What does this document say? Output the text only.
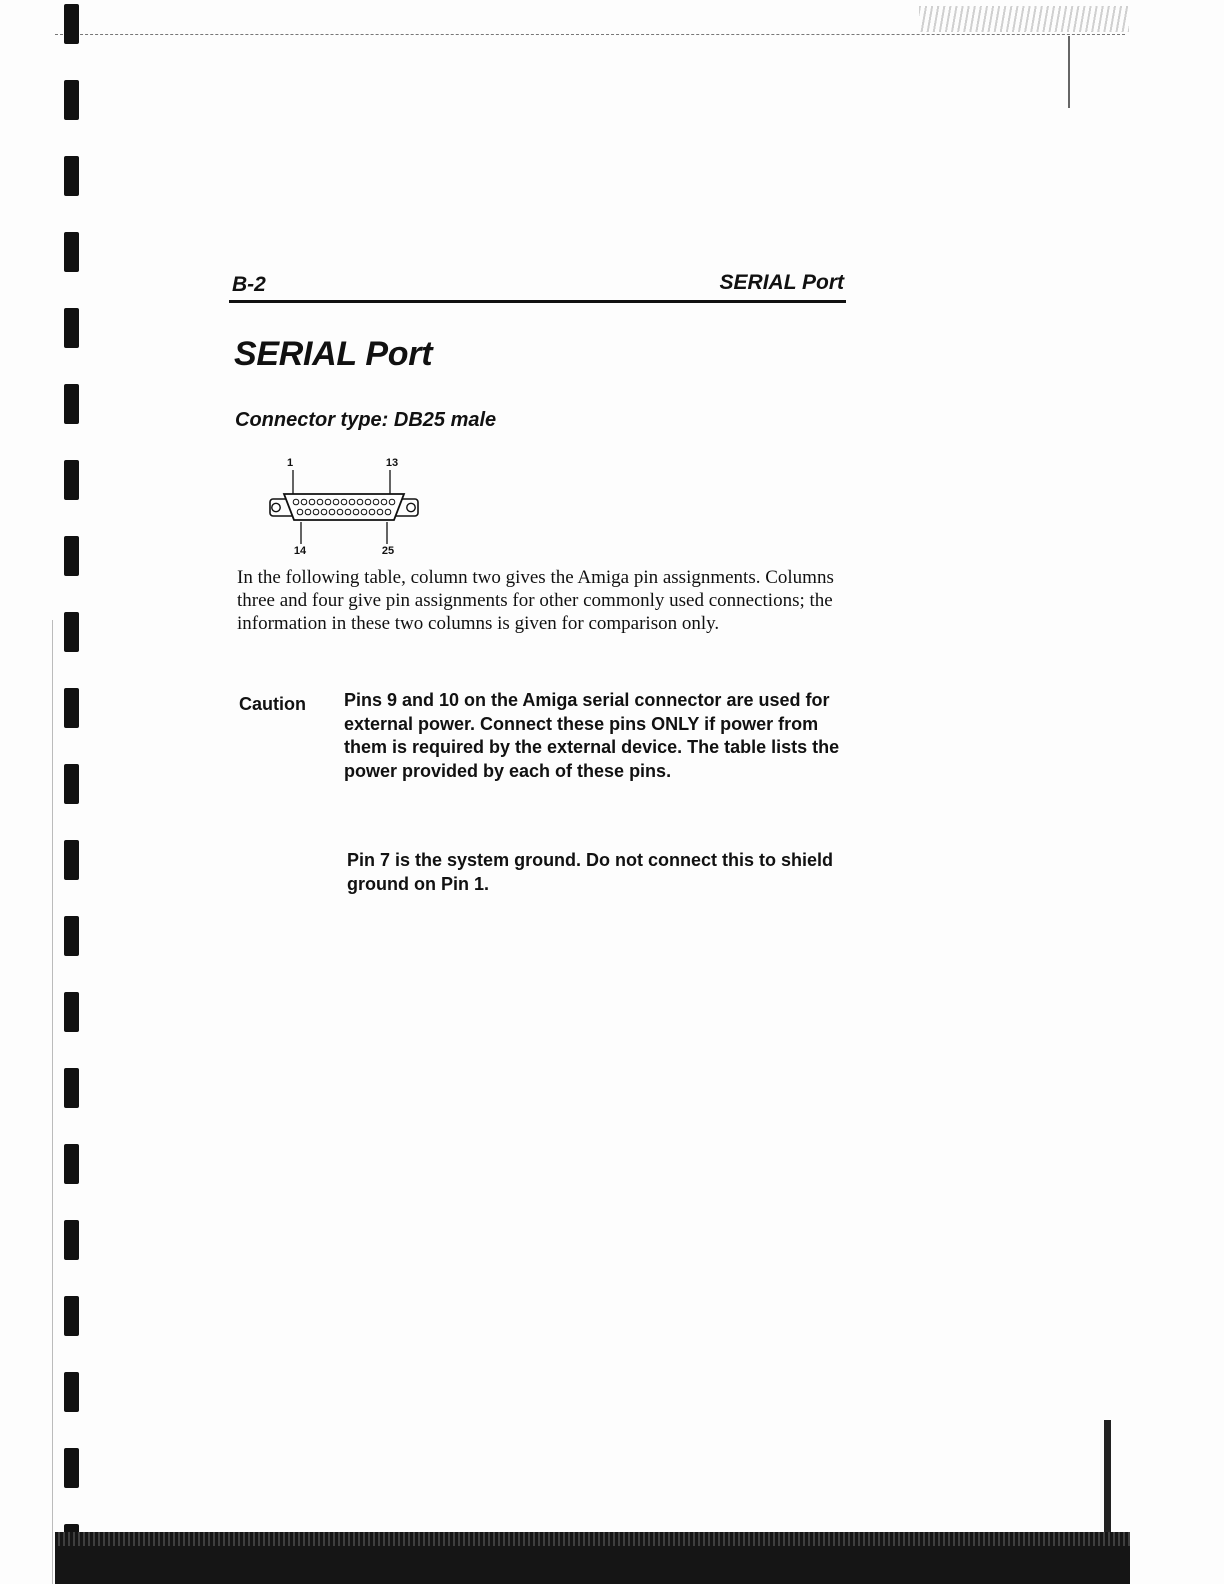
B-2	SERIAL Port
SERIAL Port
Connector type: DB25 male
1	13
14	25

In the following table, column two gives the Amiga pin assignments. Columns three and four give pin assignments for other commonly used connections; the information in these two columns is given for comparison only.

Caution Pins 9 and 10 on the Amiga serial connector are used for external power. Connect these pins ONLY if power from them is required by the external device. The table lists the power provided by each of these pins.

Pin 7 is the system ground. Do not connect this to shield ground on Pin 1.
